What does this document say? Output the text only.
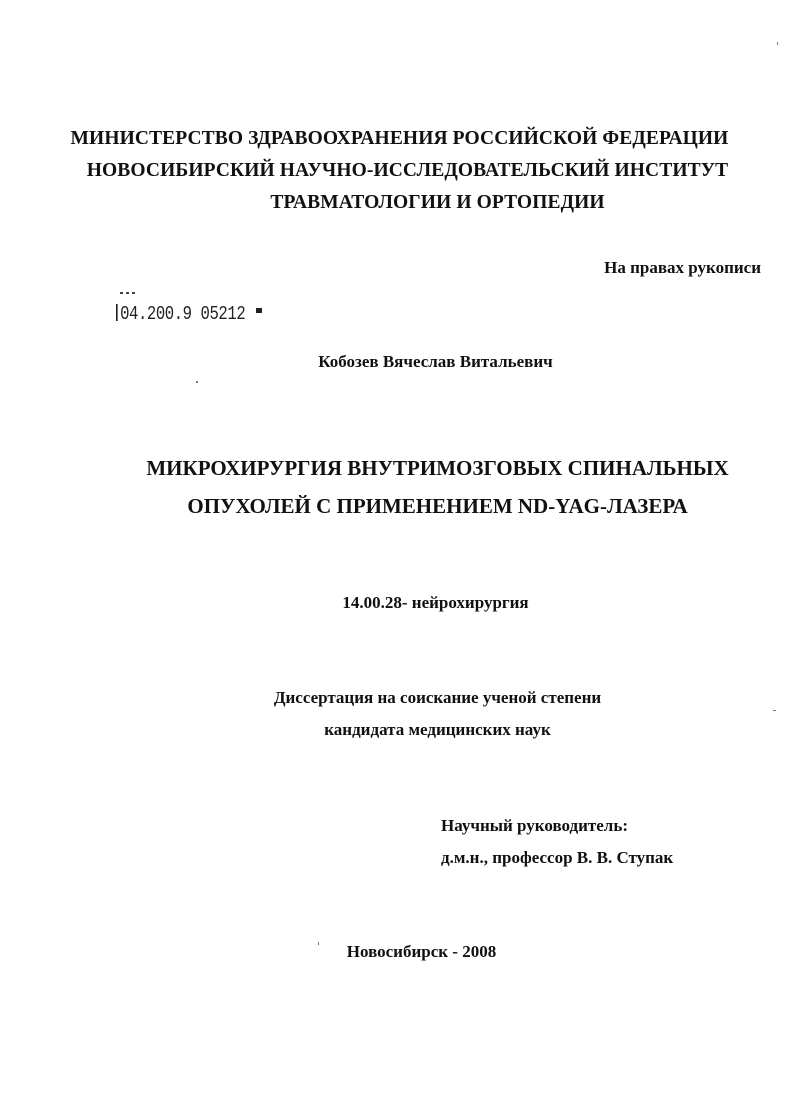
МИНИСТЕРСТВО ЗДРАВООХРАНЕНИЯ РОССИЙСКОЙ ФЕДЕРАЦИИ
НОВОСИБИРСКИЙ НАУЧНО-ИССЛЕДОВАТЕЛЬСКИЙ ИНСТИТУТ
ТРАВМАТОЛОГИИ И ОРТОПЕДИИ
На правах рукописи
04.200.9 05212
Кобозев Вячеслав Витальевич
МИКРОХИРУРГИЯ ВНУТРИМОЗГОВЫХ СПИНАЛЬНЫХ
ОПУХОЛЕЙ С ПРИМЕНЕНИЕМ ND-YAG-ЛАЗЕРА
14.00.28- нейрохирургия
Диссертация на соискание ученой степени
кандидата медицинских наук
Научный руководитель:
д.м.н., профессор В. В. Ступак
Новосибирск - 2008
